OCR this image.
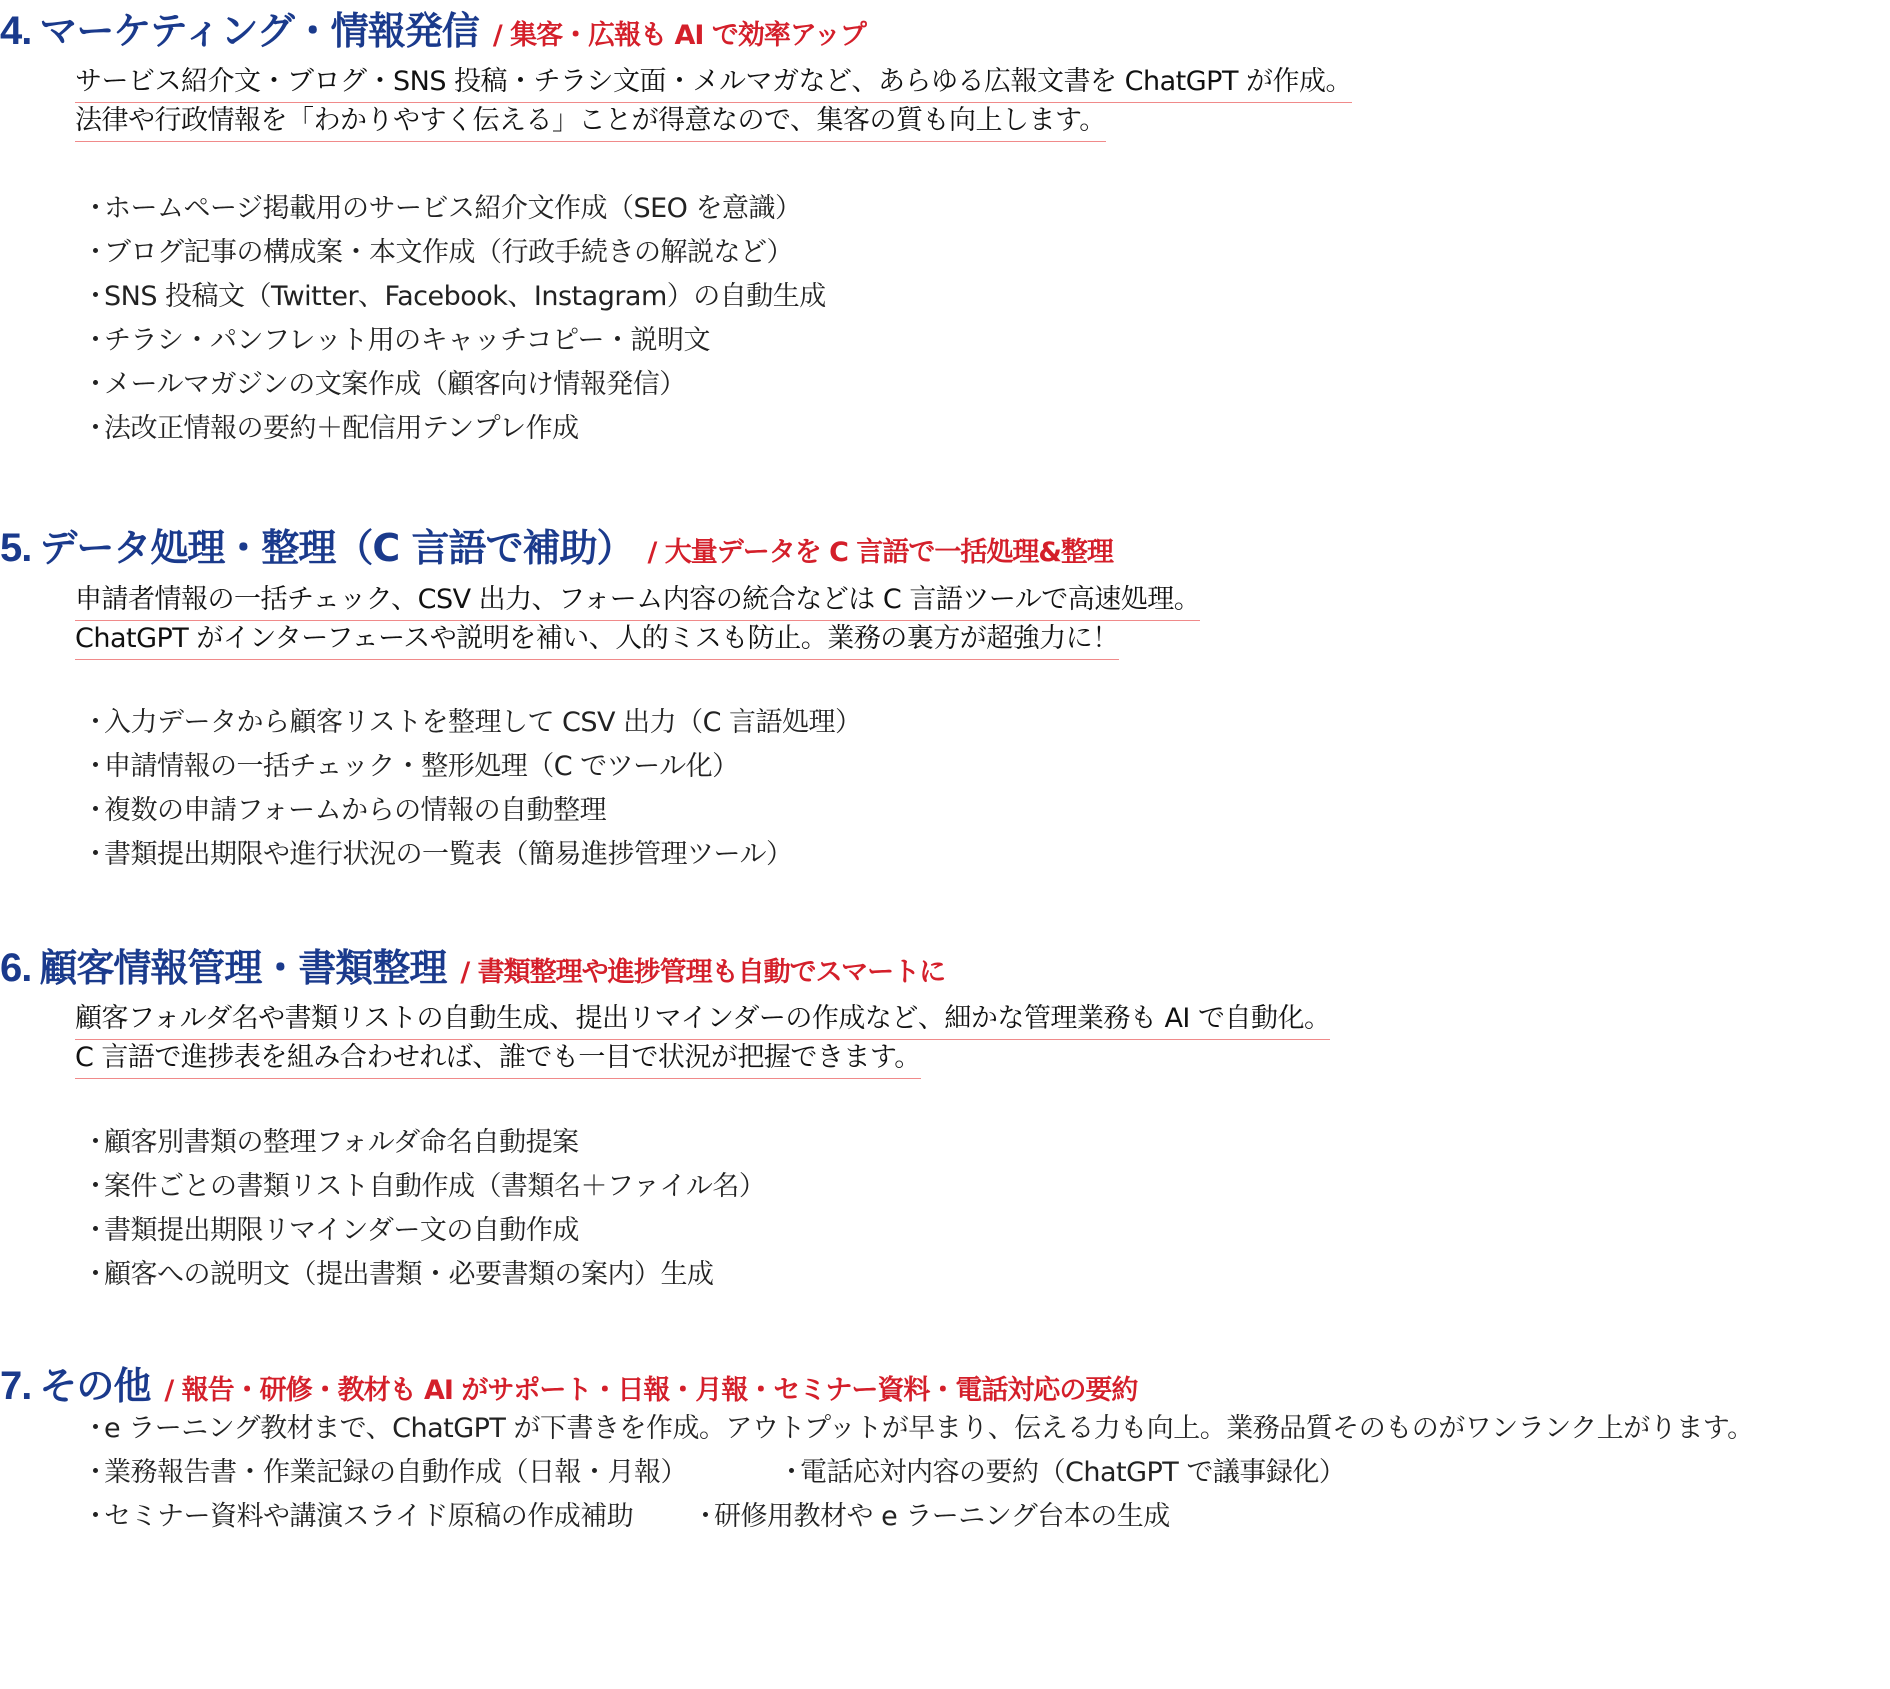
4. マーケティング・情報発信 / 集客・広報も AI で効率アップ
サービス紹介文・ブログ・SNS 投稿・チラシ文面・メルマガなど、あらゆる広報文書を ChatGPT が作成。
法律や行政情報を「わかりやすく伝える」ことが得意なので、集客の質も向上します。
・ホームページ掲載用のサービス紹介文作成（SEO を意識）
・ブログ記事の構成案・本文作成（行政手続きの解説など）
・SNS 投稿文（Twitter、Facebook、Instagram）の自動生成
・チラシ・パンフレット用のキャッチコピー・説明文
・メールマガジンの文案作成（顧客向け情報発信）
・法改正情報の要約＋配信用テンプレ作成
5. データ処理・整理（C 言語で補助） / 大量データを C 言語で一括処理&整理
申請者情報の一括チェック、CSV 出力、フォーム内容の統合などは C 言語ツールで高速処理。
ChatGPT がインターフェースや説明を補い、人的ミスも防止。業務の裏方が超強力に！
・入力データから顧客リストを整理して CSV 出力（C 言語処理）
・申請情報の一括チェック・整形処理（C でツール化）
・複数の申請フォームからの情報の自動整理
・書類提出期限や進行状況の一覧表（簡易進捗管理ツール）
6. 顧客情報管理・書類整理 / 書類整理や進捗管理も自動でスマートに
顧客フォルダ名や書類リストの自動生成、提出リマインダーの作成など、細かな管理業務も AI で自動化。
C 言語で進捗表を組み合わせれば、誰でも一目で状況が把握できます。
・顧客別書類の整理フォルダ命名自動提案
・案件ごとの書類リスト自動作成（書類名＋ファイル名）
・書類提出期限リマインダー文の自動作成
・顧客への説明文（提出書類・必要書類の案内）生成
7. その他 / 報告・研修・教材も AI がサポート・日報・月報・セミナー資料・電話対応の要約
・e ラーニング教材まで、ChatGPT が下書きを作成。アウトプットが早まり、伝える力も向上。業務品質そのものがワンランク上がります。
・業務報告書・作業記録の自動作成（日報・月報）	・電話応対内容の要約（ChatGPT で議事録化）
・セミナー資料や講演スライド原稿の作成補助	・研修用教材や e ラーニング台本の生成
